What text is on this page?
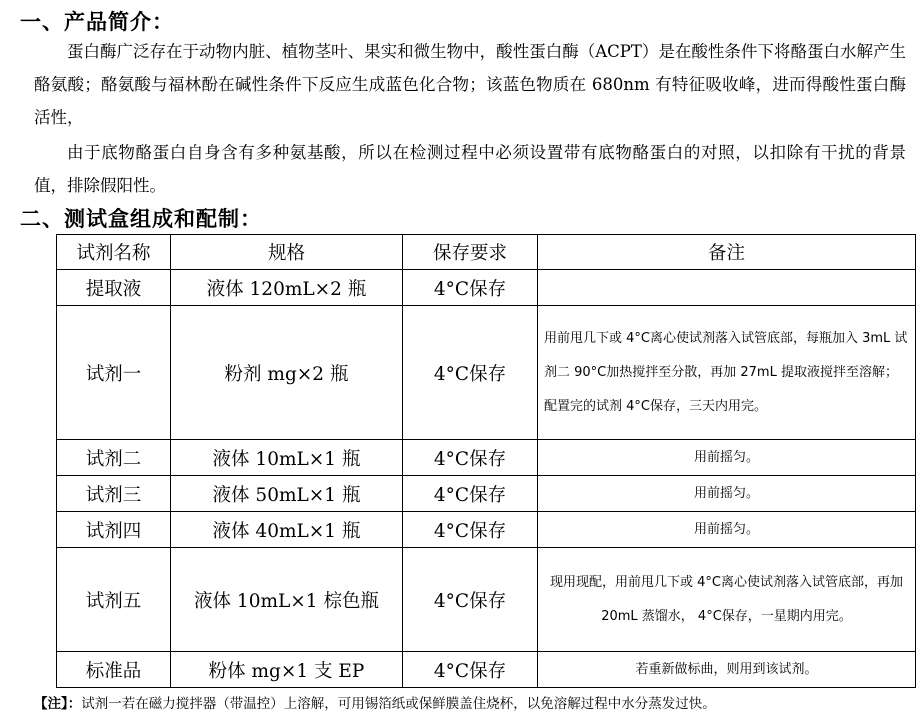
一、产品简介：
蛋白酶广泛存在于动物内脏、植物茎叶、果实和微生物中，酸性蛋白酶（ACPT）是在酸性条件下将酪蛋白水解产生酪氨酸；酪氨酸与福林酚在碱性条件下反应生成蓝色化合物；该蓝色物质在 680nm 有特征吸收峰，进而得酸性蛋白酶活性，
由于底物酪蛋白自身含有多种氨基酸，所以在检测过程中必须设置带有底物酪蛋白的对照，以扣除有干扰的背景值，排除假阳性。
二、测试盒组成和配制：
试剂名称	规格	保存要求	备注
提取液	液体 120mL×2 瓶	4°C保存	
试剂一	粉剂 mg×2 瓶	4°C保存	用前甩几下或 4°C离心使试剂落入试管底部，每瓶加入 3mL 试剂二 90°C加热搅拌至分散，再加 27mL 提取液搅拌至溶解；配置完的试剂 4°C保存，三天内用完。
试剂二	液体 10mL×1 瓶	4°C保存	用前摇匀。
试剂三	液体 50mL×1 瓶	4°C保存	用前摇匀。
试剂四	液体 40mL×1 瓶	4°C保存	用前摇匀。
试剂五	液体 10mL×1 棕色瓶	4°C保存	现用现配，用前甩几下或 4°C离心使试剂落入试管底部，再加 20mL 蒸馏水， 4°C保存，一星期内用完。
标准品	粉体 mg×1 支 EP	4°C保存	若重新做标曲，则用到该试剂。
【注】：试剂一若在磁力搅拌器（带温控）上溶解，可用锡箔纸或保鲜膜盖住烧杯，以免溶解过程中水分蒸发过快。
